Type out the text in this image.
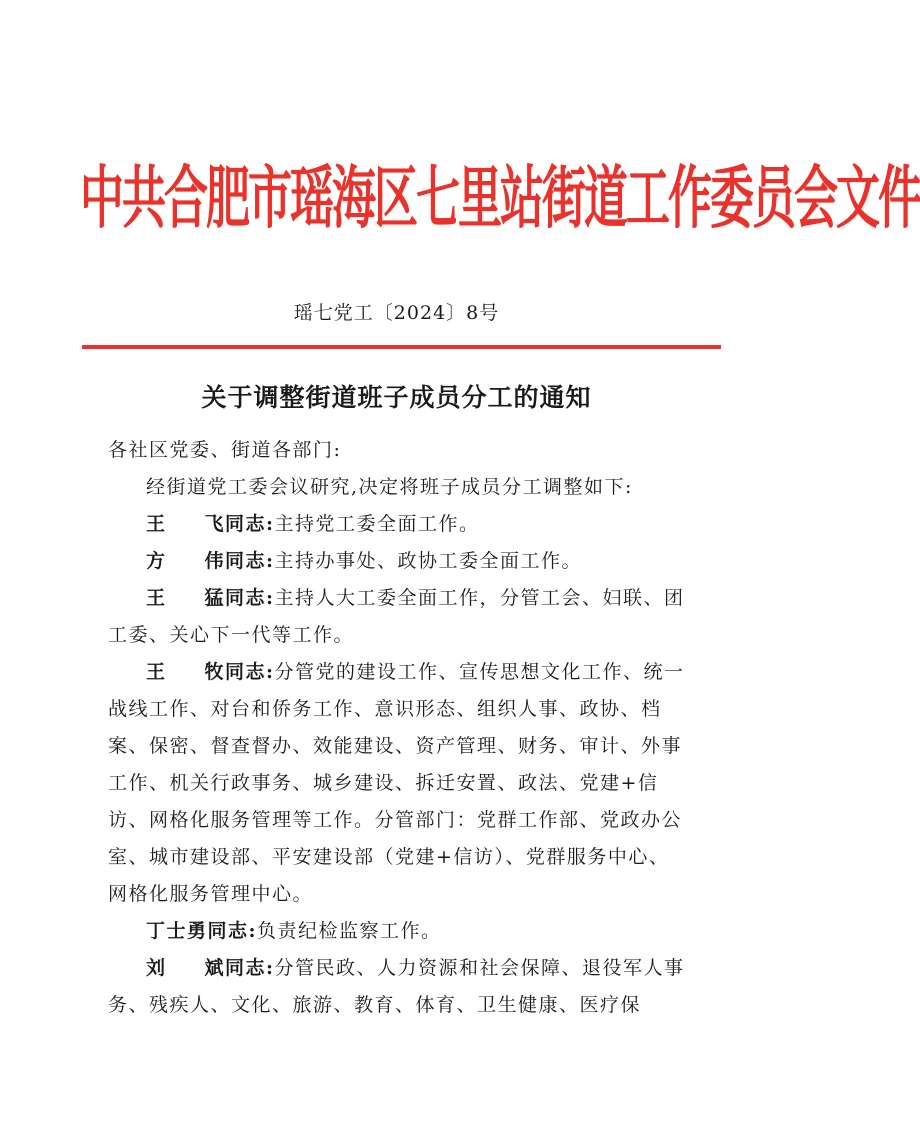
中共合肥市瑶海区七里站街道工作委员会文件
瑶七党工〔2024〕8号
关于调整街道班子成员分工的通知

各社区党委、街道各部门:

经街道党工委会议研究,决定将班子成员分工调整如下:

王 飞同志:主持党工委全面工作。

方 伟同志:主持办事处、政协工委全面工作。

王 猛同志:主持人大工委全面工作，分管工会、妇联、团工委、关心下一代等工作。

王 牧同志:分管党的建设工作、宣传思想文化工作、统一战线工作、对台和侨务工作、意识形态、组织人事、政协、档案、保密、督查督办、效能建设、资产管理、财务、审计、外事工作、机关行政事务、城乡建设、拆迁安置、政法、党建+信访、网格化服务管理等工作。分管部门：党群工作部、党政办公室、城市建设部、平安建设部（党建+信访）、党群服务中心、网格化服务管理中心。

丁士勇同志:负责纪检监察工作。

刘 斌同志:分管民政、人力资源和社会保障、退役军人事务、残疾人、文化、旅游、教育、体育、卫生健康、医疗保
